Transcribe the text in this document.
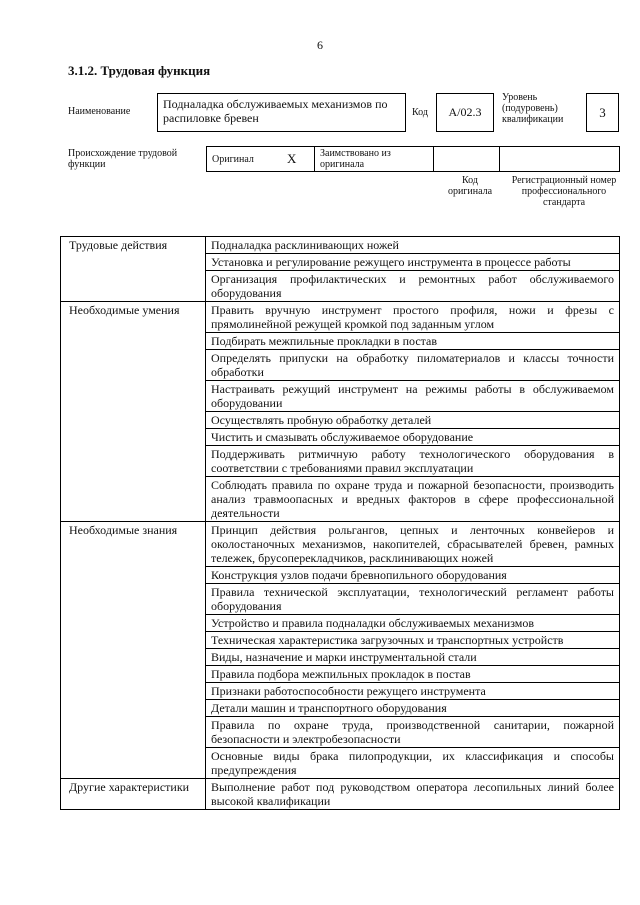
6
3.1.2. Трудовая функция
Наименование
Подналадка обслуживаемых механизмов по распиловке бревен	Код	А/02.3
Уровень (подуровень) квалификации	3
Происхождение трудовой функции	Оригинал	X	Заимствовано из оригинала		
Код оригинала
Регистрационный номер профессионального стандарта
Трудовые действия	Подналадка расклинивающих ножей
	Установка и регулирование режущего инструмента в процессе работы
	Организация профилактических и ремонтных работ обслуживаемого оборудования
Необходимые умения	Править вручную инструмент простого профиля, ножи и фрезы с прямолинейной режущей кромкой под заданным углом
	Подбирать межпильные прокладки в постав
	Определять припуски на обработку пиломатериалов и классы точности обработки
	Настраивать режущий инструмент на режимы работы в обслуживаемом оборудовании
	Осуществлять пробную обработку деталей
	Чистить и смазывать обслуживаемое оборудование
	Поддерживать ритмичную работу технологического оборудования в соответствии с требованиями правил эксплуатации
	Соблюдать правила по охране труда и пожарной безопасности, производить анализ травмоопасных и вредных факторов в сфере профессиональной деятельности
Необходимые знания	Принцип действия рольгангов, цепных и ленточных конвейеров и околостаночных механизмов, накопителей, сбрасывателей бревен, рамных тележек, брусоперекладчиков, расклинивающих ножей
	Конструкция узлов подачи бревнопильного оборудования
	Правила технической эксплуатации, технологический регламент работы оборудования
	Устройство и правила подналадки обслуживаемых механизмов
	Техническая характеристика загрузочных и транспортных устройств
	Виды, назначение и марки инструментальной стали
	Правила подбора межпильных прокладок в постав
	Признаки работоспособности режущего инструмента
	Детали машин и транспортного оборудования
	Правила по охране труда, производственной санитарии, пожарной безопасности и электробезопасности
	Основные виды брака пилопродукции, их классификация и способы предупреждения
Другие характеристики	Выполнение работ под руководством оператора лесопильных линий более высокой квалификации
